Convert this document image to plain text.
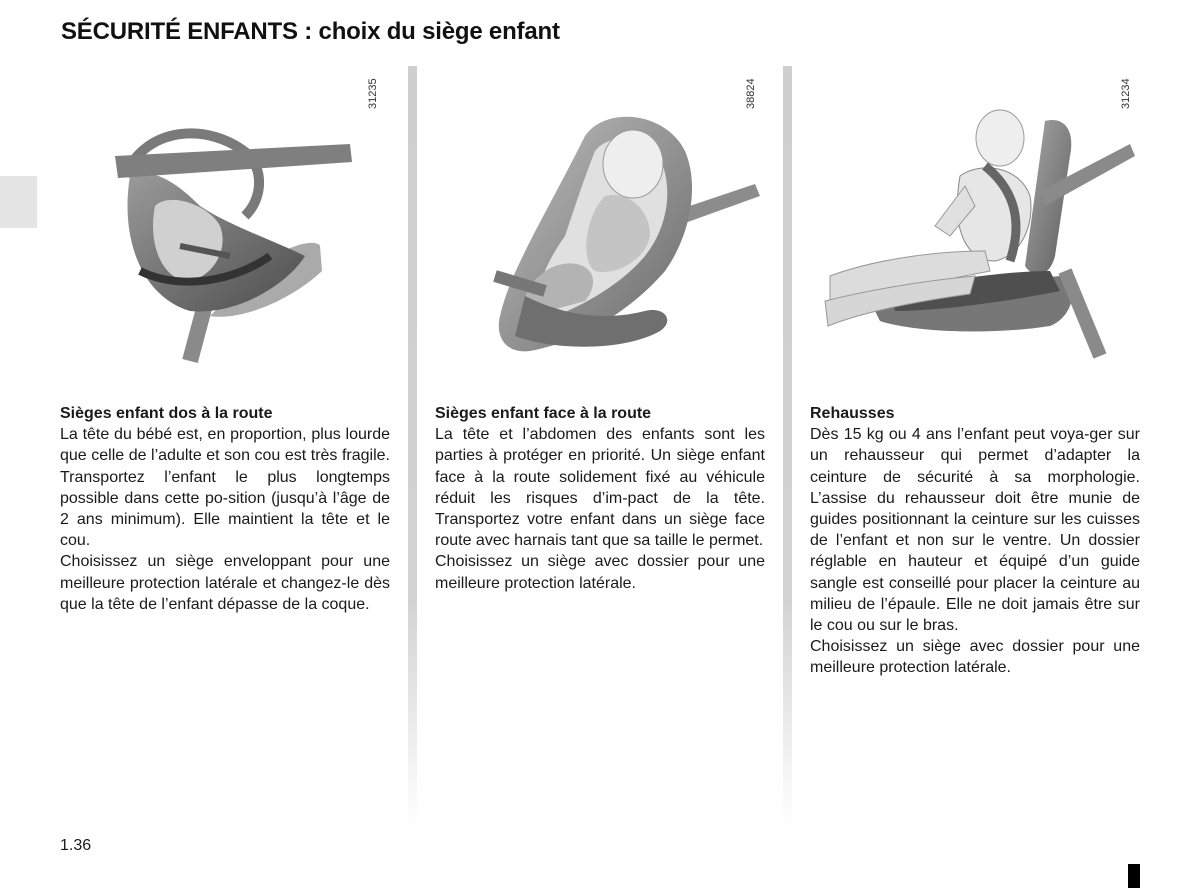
SÉCURITÉ ENFANTS : choix du siège enfant
31235	38824	31234

Sièges enfant dos à la route

La tête du bébé est, en proportion, plus lourde que celle de l’adulte et son cou est très fragile. Transportez l’enfant le plus longtemps possible dans cette po-sition (jusqu’à l’âge de 2 ans minimum). Elle maintient la tête et le cou.

Choisissez un siège enveloppant pour une meilleure protection latérale et changez-le dès que la tête de l’enfant dépasse de la coque.

Sièges enfant face à la route

La tête et l’abdomen des enfants sont les parties à protéger en priorité. Un siège enfant face à la route solidement fixé au véhicule réduit les risques d’im-pact de la tête. Transportez votre enfant dans un siège face route avec harnais tant que sa taille le permet.

Choisissez un siège avec dossier pour une meilleure protection latérale.

Rehausses

Dès 15 kg ou 4 ans l’enfant peut voya-ger sur un rehausseur qui permet d’adapter la ceinture de sécurité à sa morphologie. L’assise du rehausseur doit être munie de guides positionnant la ceinture sur les cuisses de l’enfant et non sur le ventre. Un dossier réglable en hauteur et équipé d’un guide sangle est conseillé pour placer la ceinture au milieu de l’épaule. Elle ne doit jamais être sur le cou ou sur le bras.

Choisissez un siège avec dossier pour une meilleure protection latérale.

1.36
